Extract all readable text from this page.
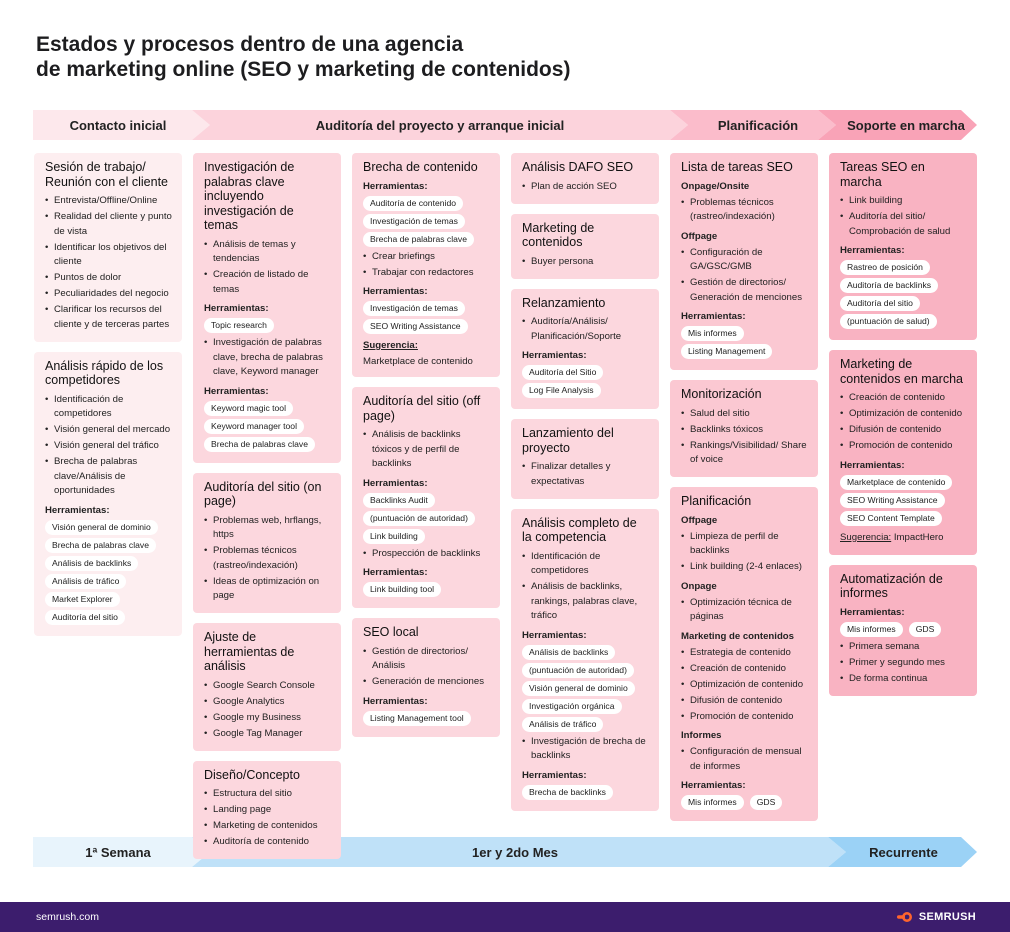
Estados y procesos dentro de una agencia
de marketing online (SEO y marketing de contenidos)
Contacto inicial	Auditoría del proyecto y arranque inicial	Planificación	Soporte en marcha
1ª Semana	1er y 2do Mes	Recurrente
Sesión de trabajo/ Reunión con el cliente
• Entrevista/Offline/Online
• Realidad del cliente y punto de vista
• Identificar los objetivos del cliente
• Puntos de dolor
• Peculiaridades del negocio
• Clarificar los recursos del cliente y de terceras partes
Análisis rápido de los competidores
• Identificación de competidores
• Visión general del mercado
• Visión general del tráfico
• Brecha de palabras clave/Análisis de oportunidades
Herramientas:
Visión general de dominio
Brecha de palabras clave
Análisis de backlinks
Análisis de tráfico
Market Explorer
Auditoría del sitio
Investigación de palabras clave incluyendo investigación de temas
• Análisis de temas y tendencias
• Creación de listado de temas
Herramientas:
Topic research
• Investigación de palabras clave, brecha de palabras clave, Keyword manager
Herramientas:
Keyword magic tool
Keyword manager tool
Brecha de palabras clave
Auditoría del sitio (on page)
• Problemas web, hrflangs, https
• Problemas técnicos (rastreo/indexación)
• Ideas de optimización on page
Ajuste de herramientas de análisis
• Google Search Console
• Google Analytics
• Google my Business
• Google Tag Manager
Diseño/Concepto
• Estructura del sitio
• Landing page
• Marketing de contenidos
• Auditoría de contenido
Brecha de contenido
Herramientas:
Auditoría de contenido
Investigación de temas
Brecha de palabras clave
• Crear briefings
• Trabajar con redactores
Herramientas:
Investigación de temas
SEO Writing Assistance
Sugerencia:
Marketplace de contenido
Auditoría del sitio (off page)
• Análisis de backlinks tóxicos y de perfil de backlinks
Herramientas:
Backlinks Audit
(puntuación de autoridad)
Link building
• Prospección de backlinks
Herramientas:
Link building tool
SEO local
• Gestión de directorios/ Análisis
• Generación de menciones
Herramientas:
Listing Management tool
Análisis DAFO SEO
• Plan de acción SEO
Marketing de contenidos
• Buyer persona
Relanzamiento
• Auditoría/Análisis/ Planificación/Soporte
Herramientas:
Auditoría del Sitio
Log File Analysis
Lanzamiento del proyecto
• Finalizar detalles y expectativas
Análisis completo de la competencia
• Identificación de competidores
• Análisis de backlinks, rankings, palabras clave, tráfico
Herramientas:
Análisis de backlinks
(puntuación de autoridad)
Visión general de dominio
Investigación orgánica
Análisis de tráfico
• Investigación de brecha de backlinks
Herramientas:
Brecha de backlinks
Lista de tareas SEO
Onpage/Onsite
• Problemas técnicos (rastreo/indexación)
Offpage
• Configuración de GA/GSC/GMB
• Gestión de directorios/ Generación de menciones
Herramientas:
Mis informes
Listing Management
Monitorización
• Salud del sitio
• Backlinks tóxicos
• Rankings/Visibilidad/ Share of voice
Planificación
Offpage
• Limpieza de perfil de backlinks
• Link building (2-4 enlaces)
Onpage
• Optimización técnica de páginas
Marketing de contenidos
• Estrategia de contenido
• Creación de contenido
• Optimización de contenido
• Difusión de contenido
• Promoción de contenido
Informes
• Configuración de mensual de informes
Herramientas:
Mis informes	GDS
Tareas SEO en marcha
• Link building
• Auditoría del sitio/ Comprobación de salud
Herramientas:
Rastreo de posición
Auditoría de backlinks
Auditoría del sitio
(puntuación de salud)
Marketing de contenidos en marcha
• Creación de contenido
• Optimización de contenido
• Difusión de contenido
• Promoción de contenido
Herramientas:
Marketplace de contenido
SEO Writing Assistance
SEO Content Template
Sugerencia: ImpactHero
Automatización de informes
Herramientas:
Mis informes	GDS
• Primera semana
• Primer y segundo mes
• De forma continua
semrush.com	SEMRUSH
